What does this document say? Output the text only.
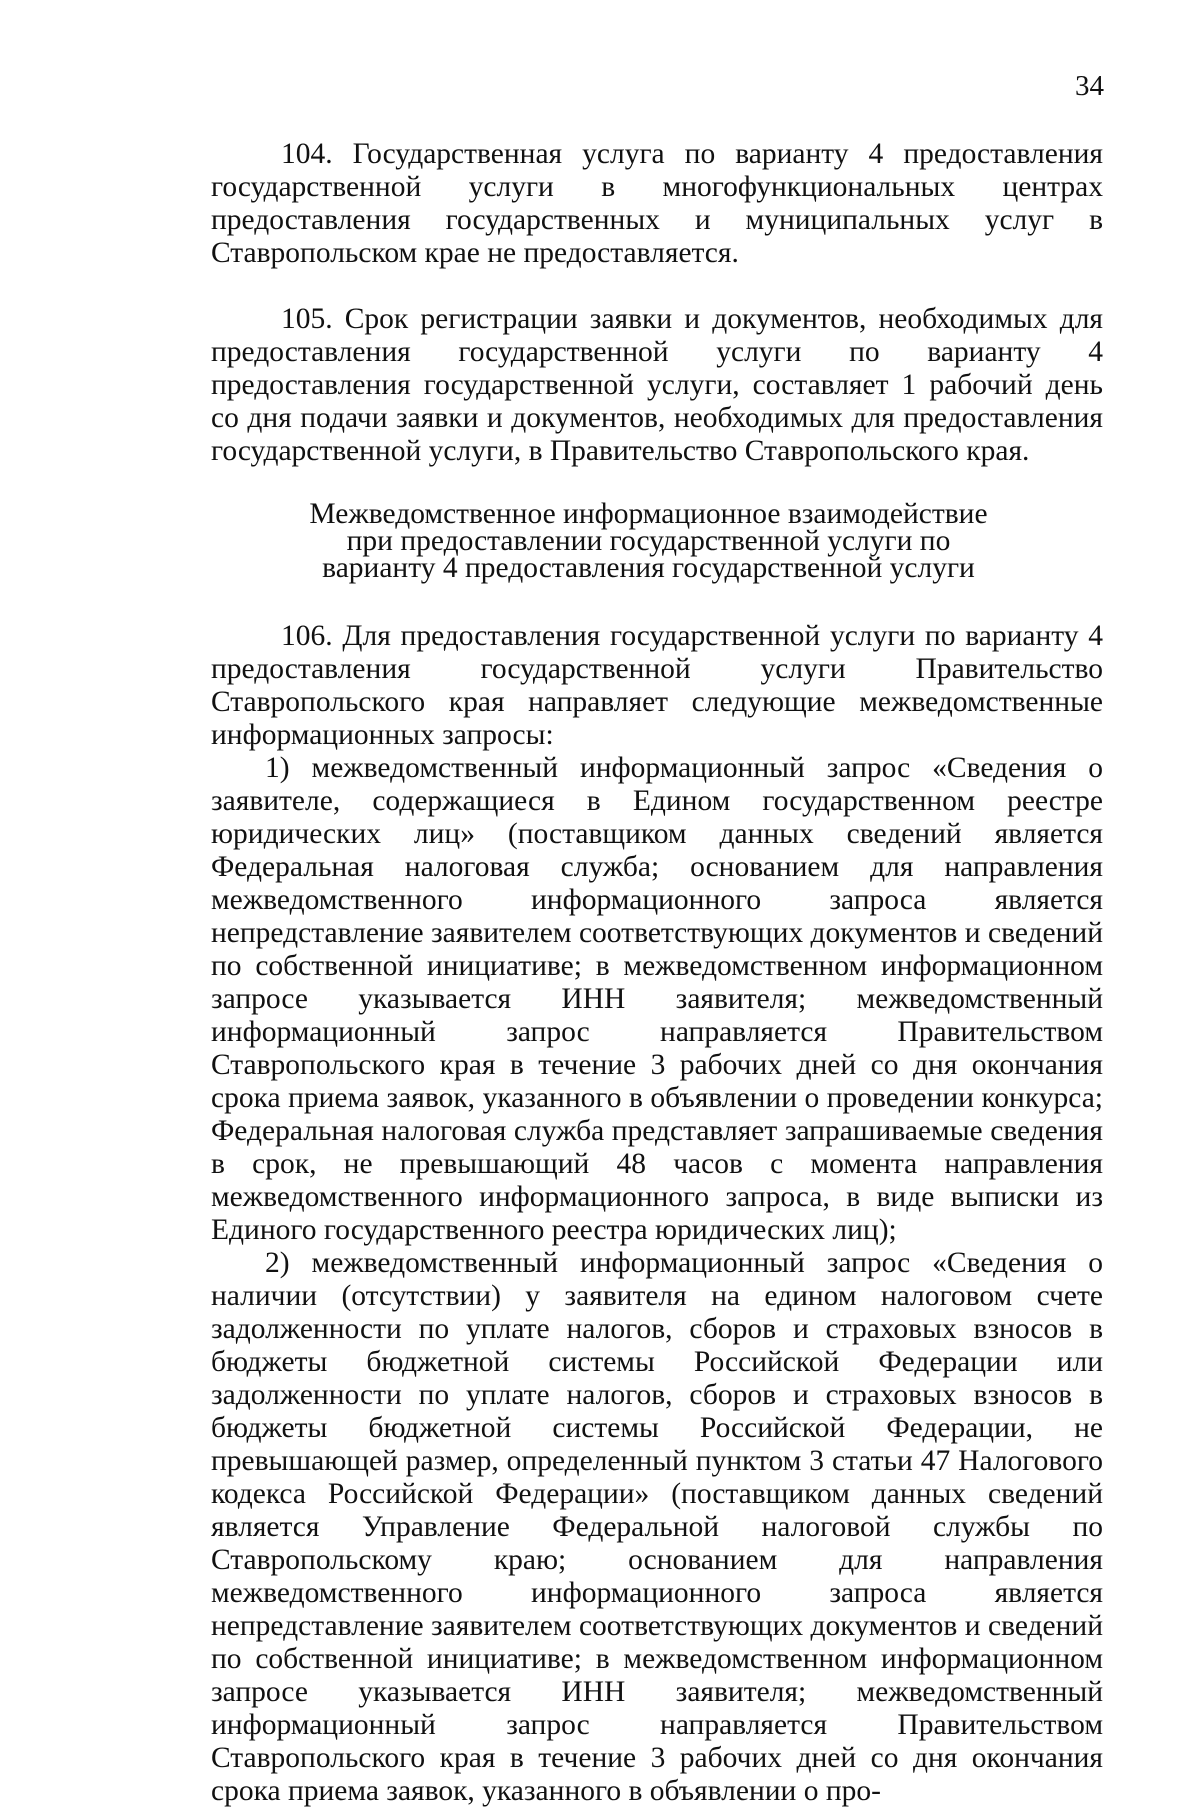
34

104. Государственная услуга по варианту 4 предоставления государственной услуги в многофункциональных центрах предоставления государственных и муниципальных услуг в Ставропольском крае не предоставляется.

105. Срок регистрации заявки и документов, необходимых для предоставления государственной услуги по варианту 4 предоставления государственной услуги, составляет 1 рабочий день со дня подачи заявки и документов, необходимых для предоставления государственной услуги, в Правительство Ставропольского края.

Межведомственное информационное взаимодействие при предоставлении государственной услуги по варианту 4 предоставления государственной услуги

106. Для предоставления государственной услуги по варианту 4 предоставления государственной услуги Правительство Ставропольского края направляет следующие межведомственные информационных запросы:

1) межведомственный информационный запрос «Сведения о заявителе, содержащиеся в Едином государственном реестре юридических лиц» (поставщиком данных сведений является Федеральная налоговая служба; основанием для направления межведомственного информационного запроса является непредставление заявителем соответствующих документов и сведений по собственной инициативе; в межведомственном информационном запросе указывается ИНН заявителя; межведомственный информационный запрос направляется Правительством Ставропольского края в течение 3 рабочих дней со дня окончания срока приема заявок, указанного в объявлении о проведении конкурса; Федеральная налоговая служба представляет запрашиваемые сведения в срок, не превышающий 48 часов с момента направления межведомственного информационного запроса, в виде выписки из Единого государственного реестра юридических лиц);

2) межведомственный информационный запрос «Сведения о наличии (отсутствии) у заявителя на едином налоговом счете задолженности по уплате налогов, сборов и страховых взносов в бюджеты бюджетной системы Российской Федерации или задолженности по уплате налогов, сборов и страховых взносов в бюджеты бюджетной системы Российской Федерации, не превышающей размер, определенный пунктом 3 статьи 47 Налогового кодекса Российской Федерации» (поставщиком данных сведений является Управление Федеральной налоговой службы по Ставропольскому краю; основанием для направления межведомственного информационного запроса является непредставление заявителем соответствующих документов и сведений по собственной инициативе; в межведомственном информационном запросе указывается ИНН заявителя; межведомственный информационный запрос направляется Правительством Ставропольского края в течение 3 рабочих дней со дня окончания срока приема заявок, указанного в объявлении о про-
